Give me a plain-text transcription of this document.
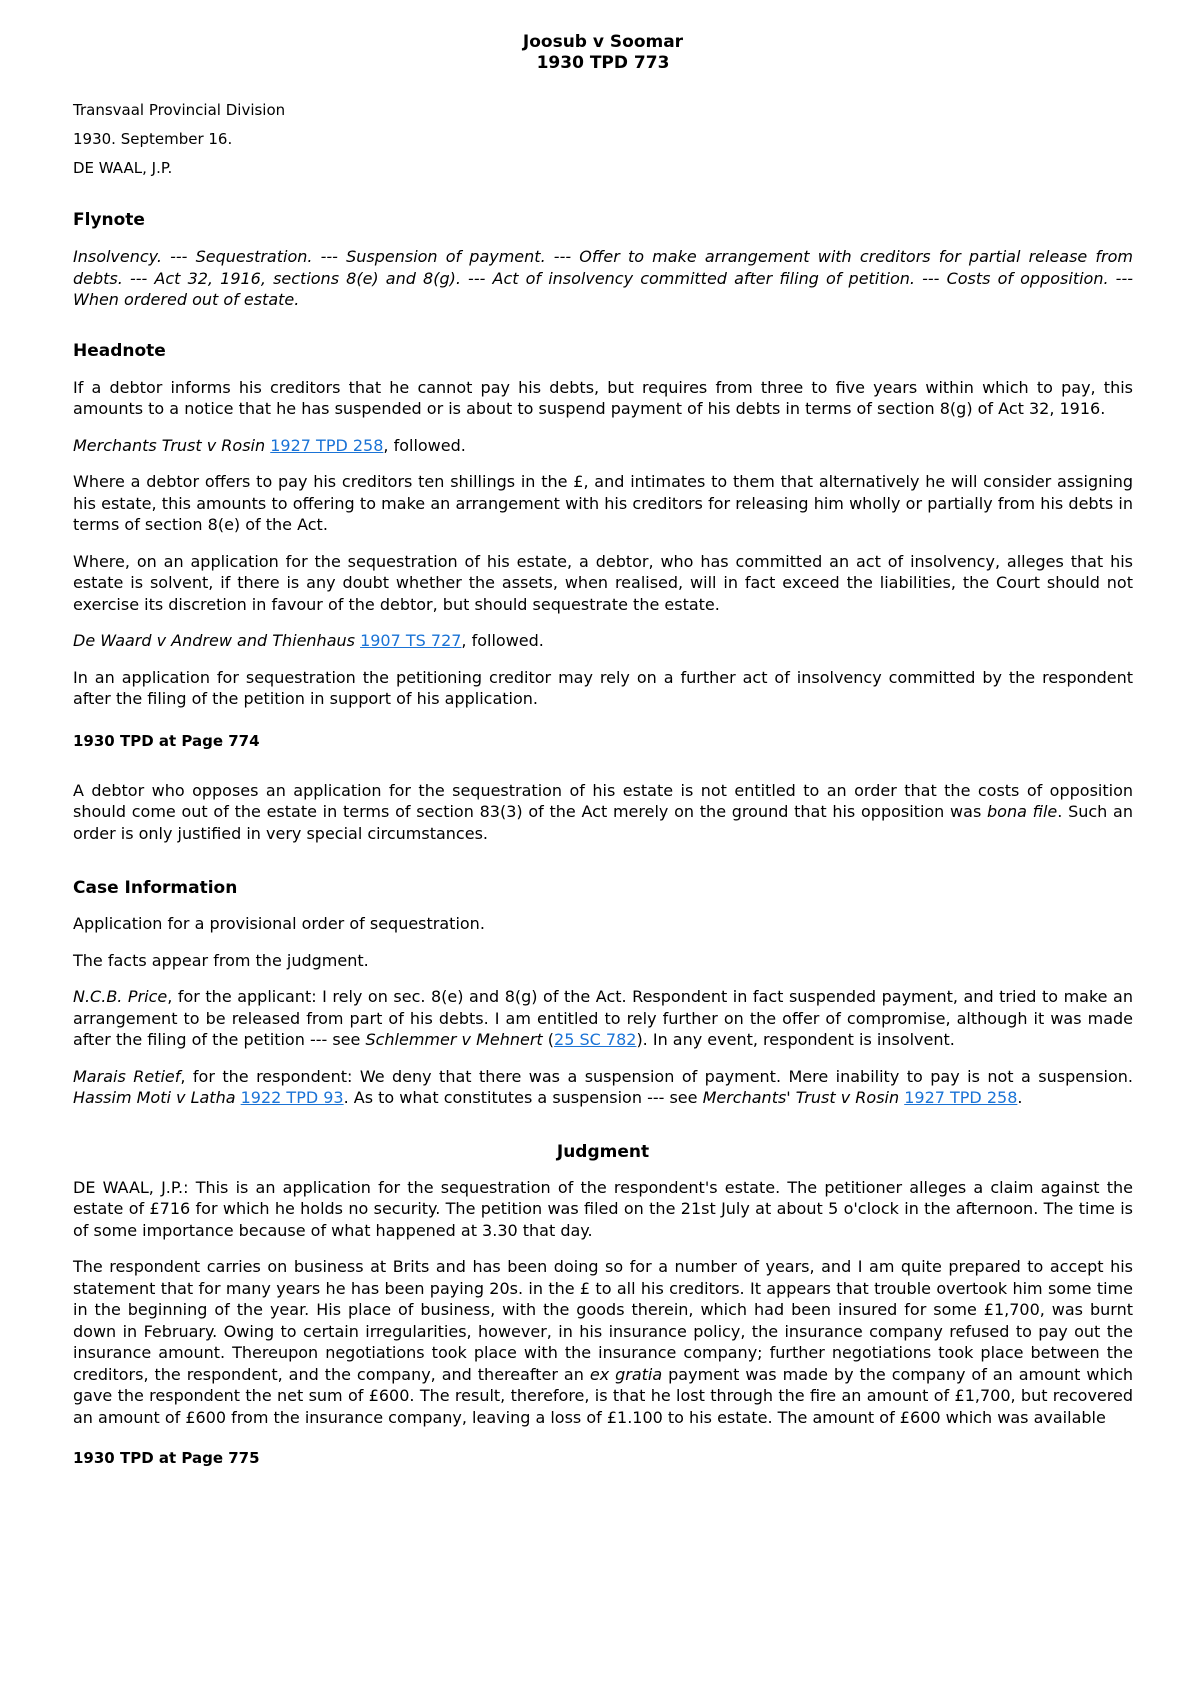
Joosub v Soomar
1930 TPD 773

Transvaal Provincial Division

1930. September 16.

DE WAAL, J.P.

Flynote

Insolvency. --- Sequestration. --- Suspension of payment. --- Offer to make arrangement with creditors for partial release from debts. --- Act 32, 1916, sections 8(e) and 8(g). --- Act of insolvency committed after filing of petition. --- Costs of opposition. --- When ordered out of estate.

Headnote

If a debtor informs his creditors that he cannot pay his debts, but requires from three to five years within which to pay, this amounts to a notice that he has suspended or is about to suspend payment of his debts in terms of section 8(g) of Act 32, 1916.

Merchants Trust v Rosin 1927 TPD 258, followed.

Where a debtor offers to pay his creditors ten shillings in the £, and intimates to them that alternatively he will consider assigning his estate, this amounts to offering to make an arrangement with his creditors for releasing him wholly or partially from his debts in terms of section 8(e) of the Act.

Where, on an application for the sequestration of his estate, a debtor, who has committed an act of insolvency, alleges that his estate is solvent, if there is any doubt whether the assets, when realised, will in fact exceed the liabilities, the Court should not exercise its discretion in favour of the debtor, but should sequestrate the estate.

De Waard v Andrew and Thienhaus 1907 TS 727, followed.

In an application for sequestration the petitioning creditor may rely on a further act of insolvency committed by the respondent after the filing of the petition in support of his application.

1930 TPD at Page 774

A debtor who opposes an application for the sequestration of his estate is not entitled to an order that the costs of opposition should come out of the estate in terms of section 83(3) of the Act merely on the ground that his opposition was bona file. Such an order is only justified in very special circumstances.

Case Information

Application for a provisional order of sequestration.

The facts appear from the judgment.

N.C.B. Price, for the applicant: I rely on sec. 8(e) and 8(g) of the Act. Respondent in fact suspended payment, and tried to make an arrangement to be released from part of his debts. I am entitled to rely further on the offer of compromise, although it was made after the filing of the petition --- see Schlemmer v Mehnert (25 SC 782). In any event, respondent is insolvent.

Marais Retief, for the respondent: We deny that there was a suspension of payment. Mere inability to pay is not a suspension. Hassim Moti v Latha 1922 TPD 93. As to what constitutes a suspension --- see Merchants' Trust v Rosin 1927 TPD 258.

Judgment

DE WAAL, J.P.: This is an application for the sequestration of the respondent's estate. The petitioner alleges a claim against the estate of £716 for which he holds no security. The petition was filed on the 21st July at about 5 o'clock in the afternoon. The time is of some importance because of what happened at 3.30 that day.

The respondent carries on business at Brits and has been doing so for a number of years, and I am quite prepared to accept his statement that for many years he has been paying 20s. in the £ to all his creditors. It appears that trouble overtook him some time in the beginning of the year. His place of business, with the goods therein, which had been insured for some £1,700, was burnt down in February. Owing to certain irregularities, however, in his insurance policy, the insurance company refused to pay out the insurance amount. Thereupon negotiations took place with the insurance company; further negotiations took place between the creditors, the respondent, and the company, and thereafter an ex gratia payment was made by the company of an amount which gave the respondent the net sum of £600. The result, therefore, is that he lost through the fire an amount of £1,700, but recovered an amount of £600 from the insurance company, leaving a loss of £1.100 to his estate. The amount of £600 which was available

1930 TPD at Page 775
